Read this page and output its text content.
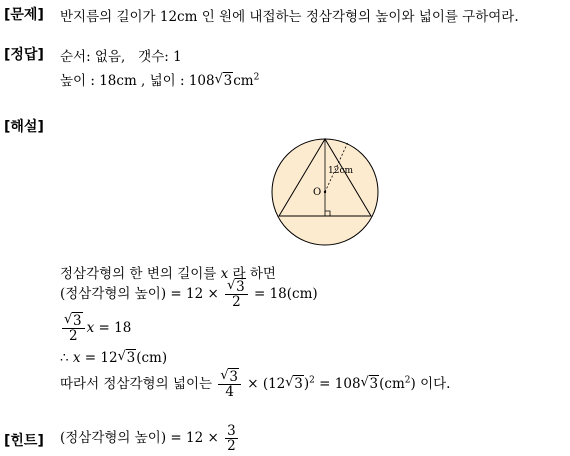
[문제] 반지름의 길이가 12cm 인 원에 내접하는 정삼각형의 높이와 넓이를 구하여라.
[정답] 순서: 없음,   갯수: 1
높이 : 18cm , 넓이 : 108√ $3cm^2$
[해설]
12cm
O
정삼각형의 한 변의 길이를 x 라 하면
(정삼각형의 높이) = 12 ×
√ $\frac{3}{2} = 18(cm)$
√ $\frac{3}{2}$ x = 18
∴ x = 12√ 3(cm)
따라서 정삼각형의 넓이는
√ $\frac{3}{4} \times (12√$ 3)$^2$ = 108√ $3(cm^2)$ 이다.
[힌트] (정삼각형의 높이) = $12 \times \frac{3}{2}$
